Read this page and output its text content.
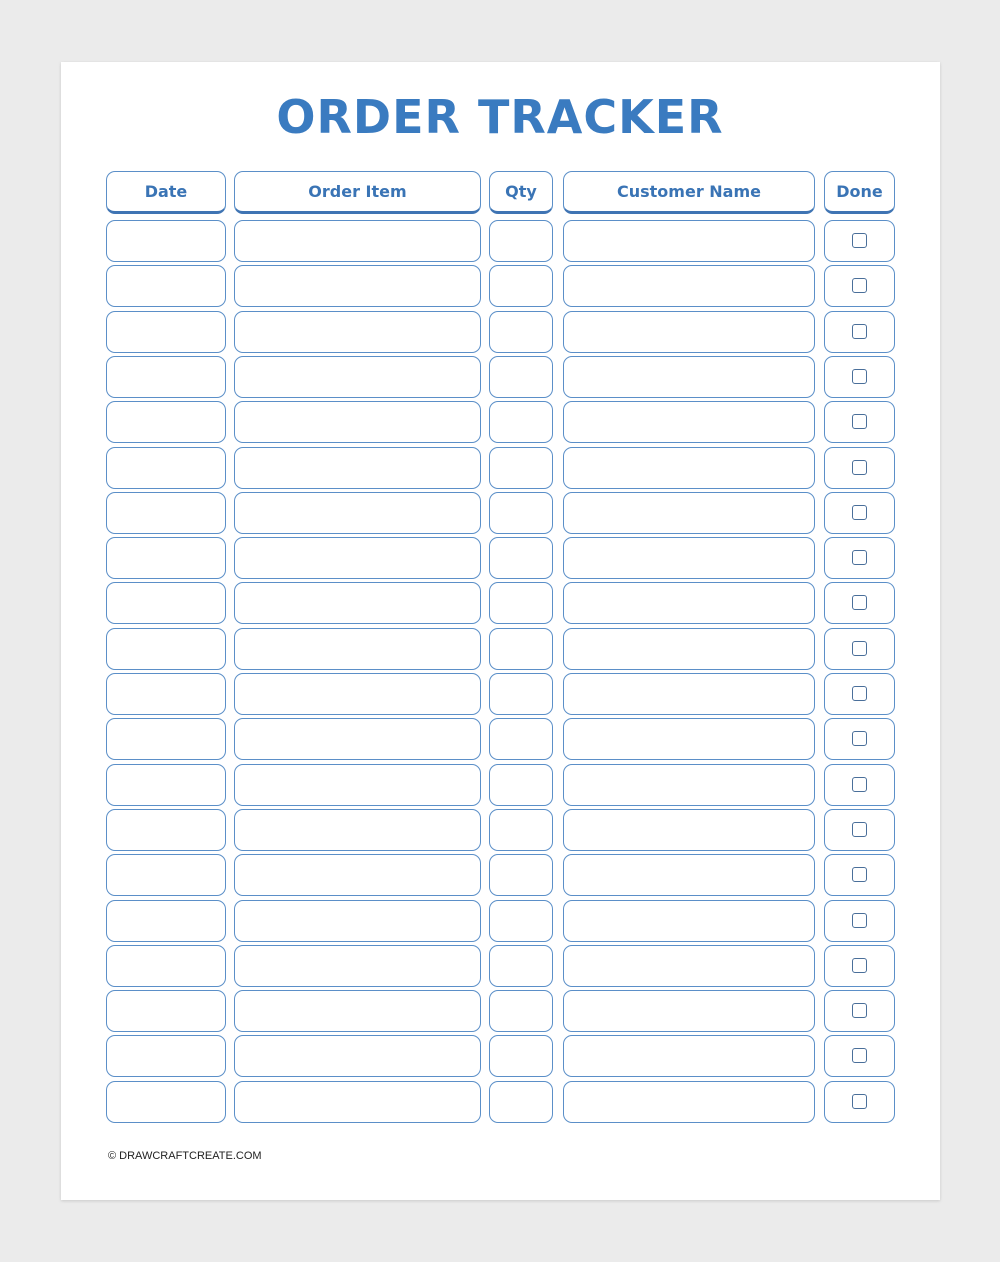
ORDER TRACKER
Date	Order Item	Qty	Customer Name	Done
© DRAWCRAFTCREATE.COM
